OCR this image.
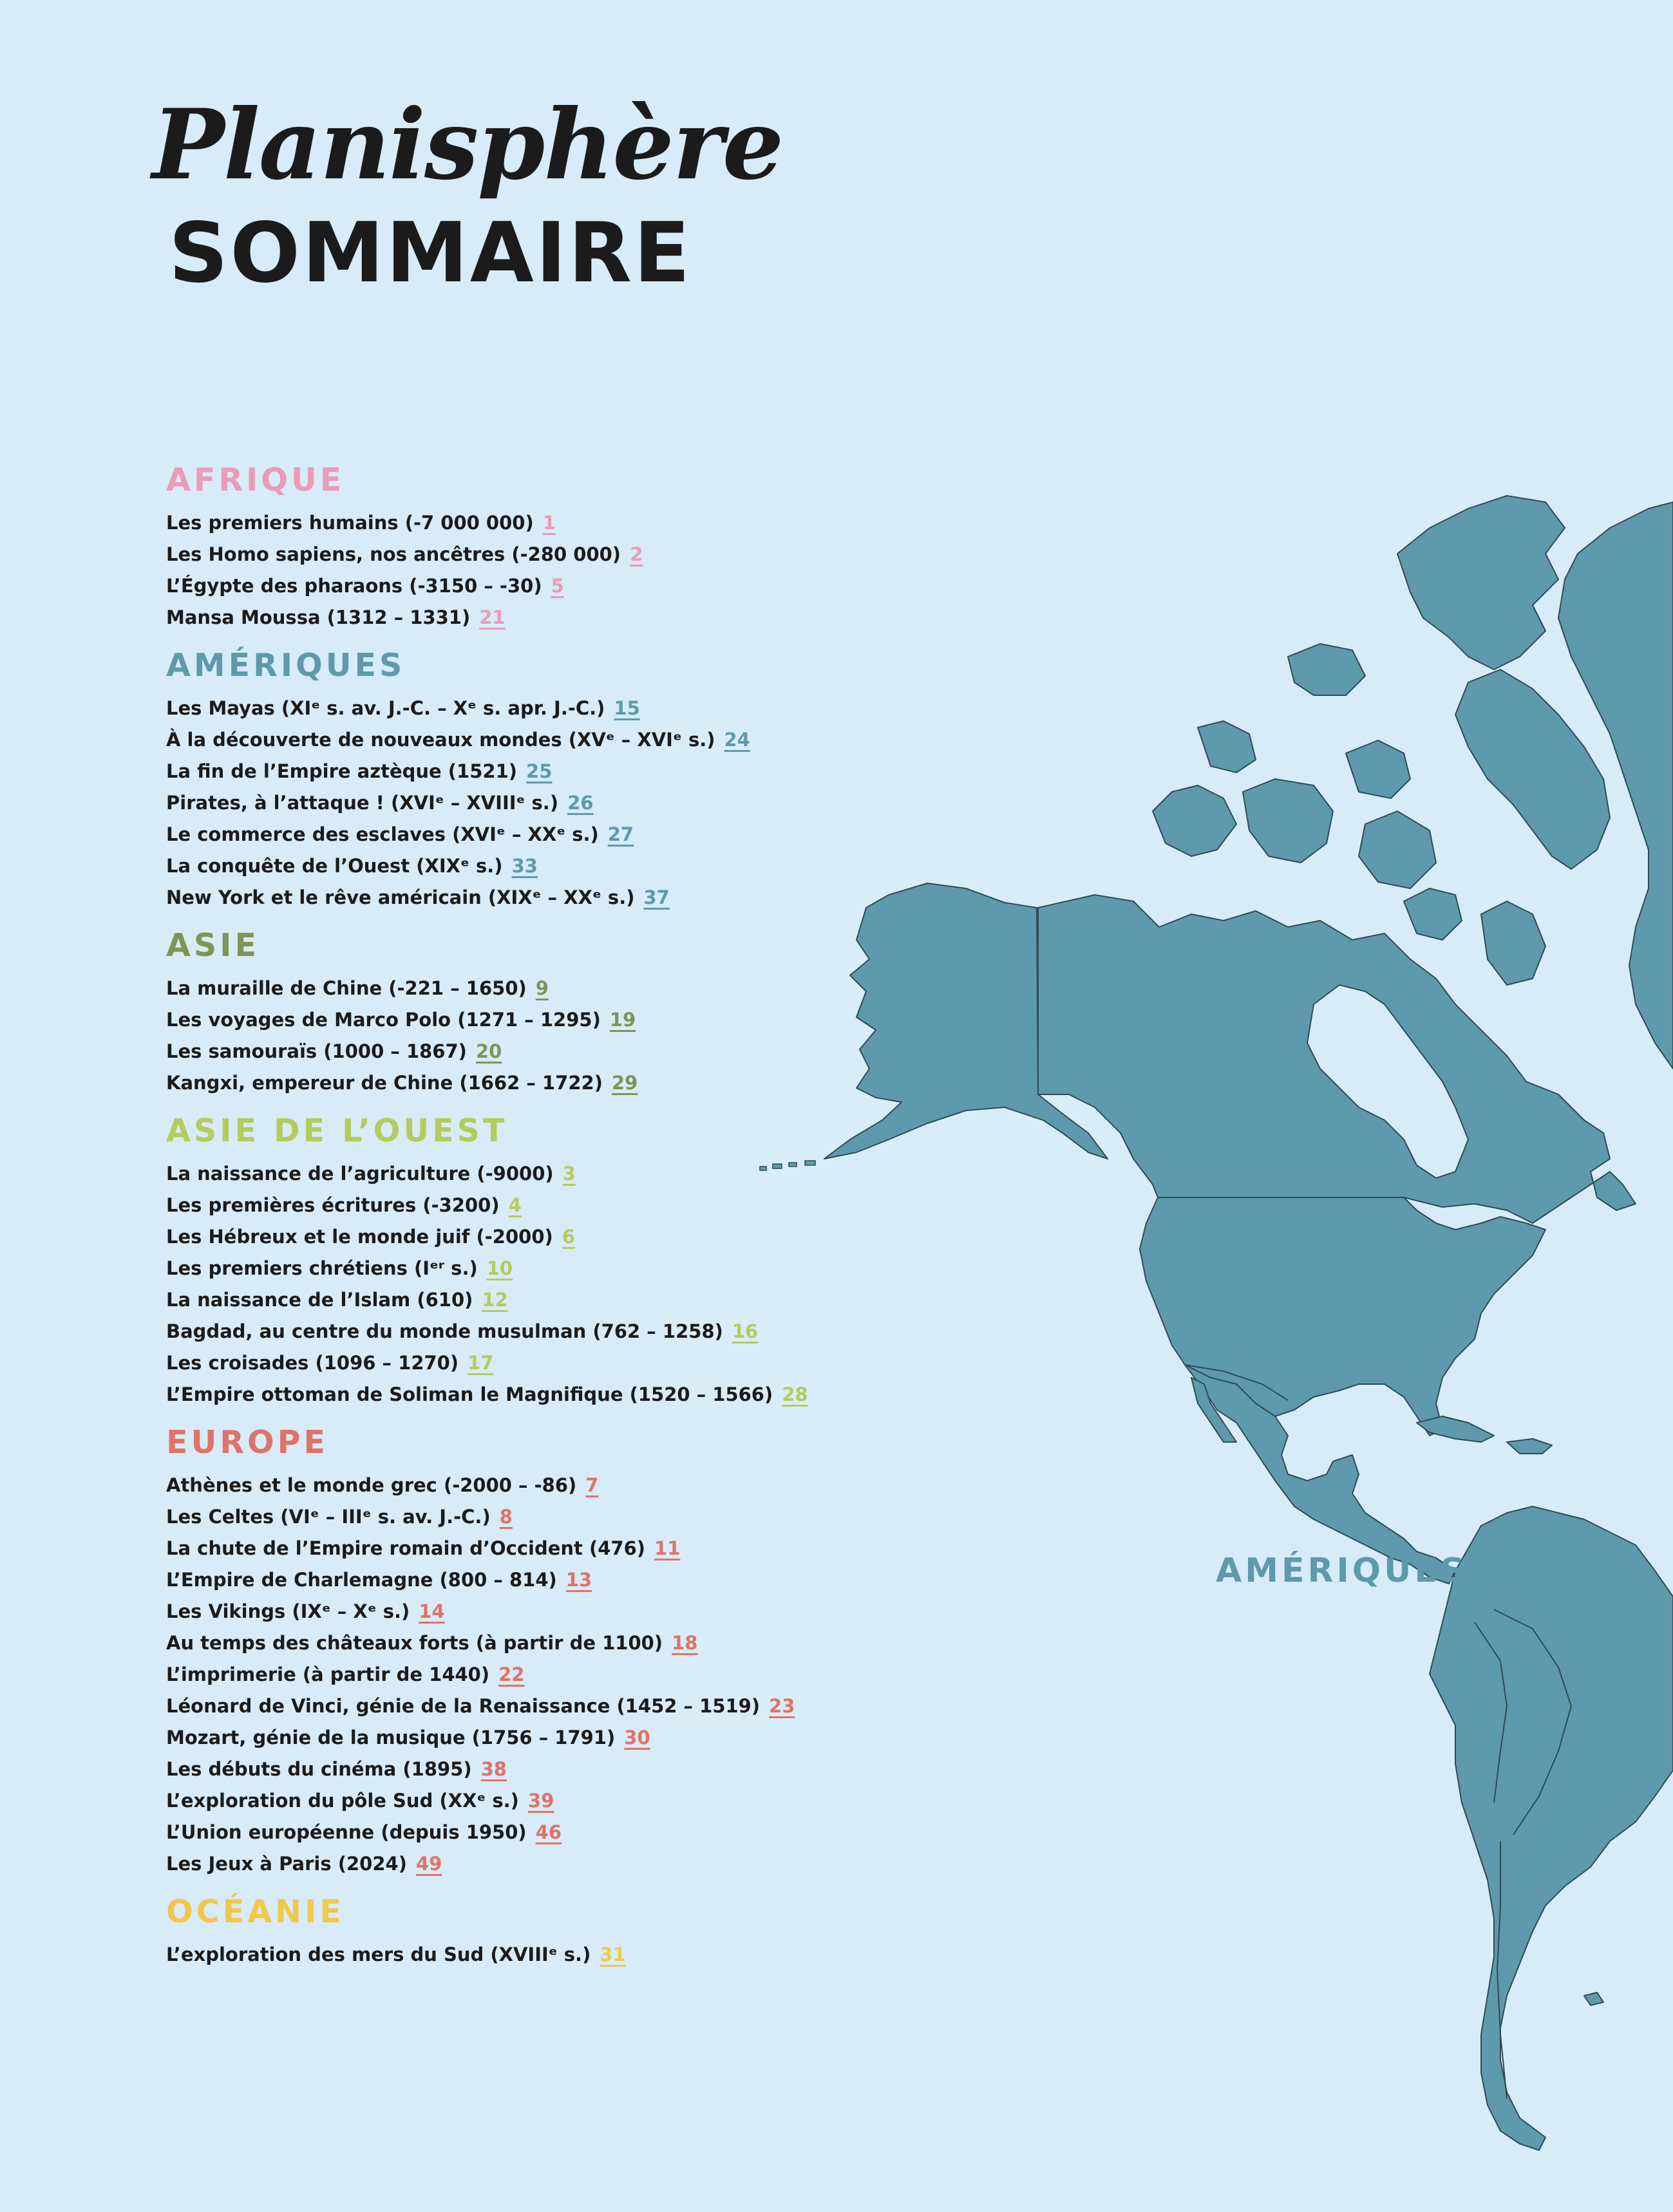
Planisphère
SOMMAIRE
AMÉRIQUES
AFRIQUE
Les premiers humains (-7 000 000) 1
Les Homo sapiens, nos ancêtres (-280 000) 2
L’Égypte des pharaons (-3150 – -30) 5
Mansa Moussa (1312 – 1331) 21
AMÉRIQUES
Les Mayas (XIᵉ s. av. J.-C. – Xᵉ s. apr. J.-C.) 15
À la découverte de nouveaux mondes (XVᵉ – XVIᵉ s.) 24
La fin de l’Empire aztèque (1521) 25
Pirates, à l’attaque ! (XVIᵉ – XVIIIᵉ s.) 26
Le commerce des esclaves (XVIᵉ – XXᵉ s.) 27
La conquête de l’Ouest (XIXᵉ s.) 33
New York et le rêve américain (XIXᵉ – XXᵉ s.) 37
ASIE
La muraille de Chine (-221 – 1650) 9
Les voyages de Marco Polo (1271 – 1295) 19
Les samouraïs (1000 – 1867) 20
Kangxi, empereur de Chine (1662 – 1722) 29
ASIE DE L’OUEST
La naissance de l’agriculture (-9000) 3
Les premières écritures (-3200) 4
Les Hébreux et le monde juif (-2000) 6
Les premiers chrétiens (Iᵉʳ s.) 10
La naissance de l’Islam (610) 12
Bagdad, au centre du monde musulman (762 – 1258) 16
Les croisades (1096 – 1270) 17
L’Empire ottoman de Soliman le Magnifique (1520 – 1566) 28
EUROPE
Athènes et le monde grec (-2000 – -86) 7
Les Celtes (VIᵉ – IIIᵉ s. av. J.-C.) 8
La chute de l’Empire romain d’Occident (476) 11
L’Empire de Charlemagne (800 – 814) 13
Les Vikings (IXᵉ – Xᵉ s.) 14
Au temps des châteaux forts (à partir de 1100) 18
L’imprimerie (à partir de 1440) 22
Léonard de Vinci, génie de la Renaissance (1452 – 1519) 23
Mozart, génie de la musique (1756 – 1791) 30
Les débuts du cinéma (1895) 38
L’exploration du pôle Sud (XXᵉ s.) 39
L’Union européenne (depuis 1950) 46
Les Jeux à Paris (2024) 49
OCÉANIE
L’exploration des mers du Sud (XVIIIᵉ s.) 31
